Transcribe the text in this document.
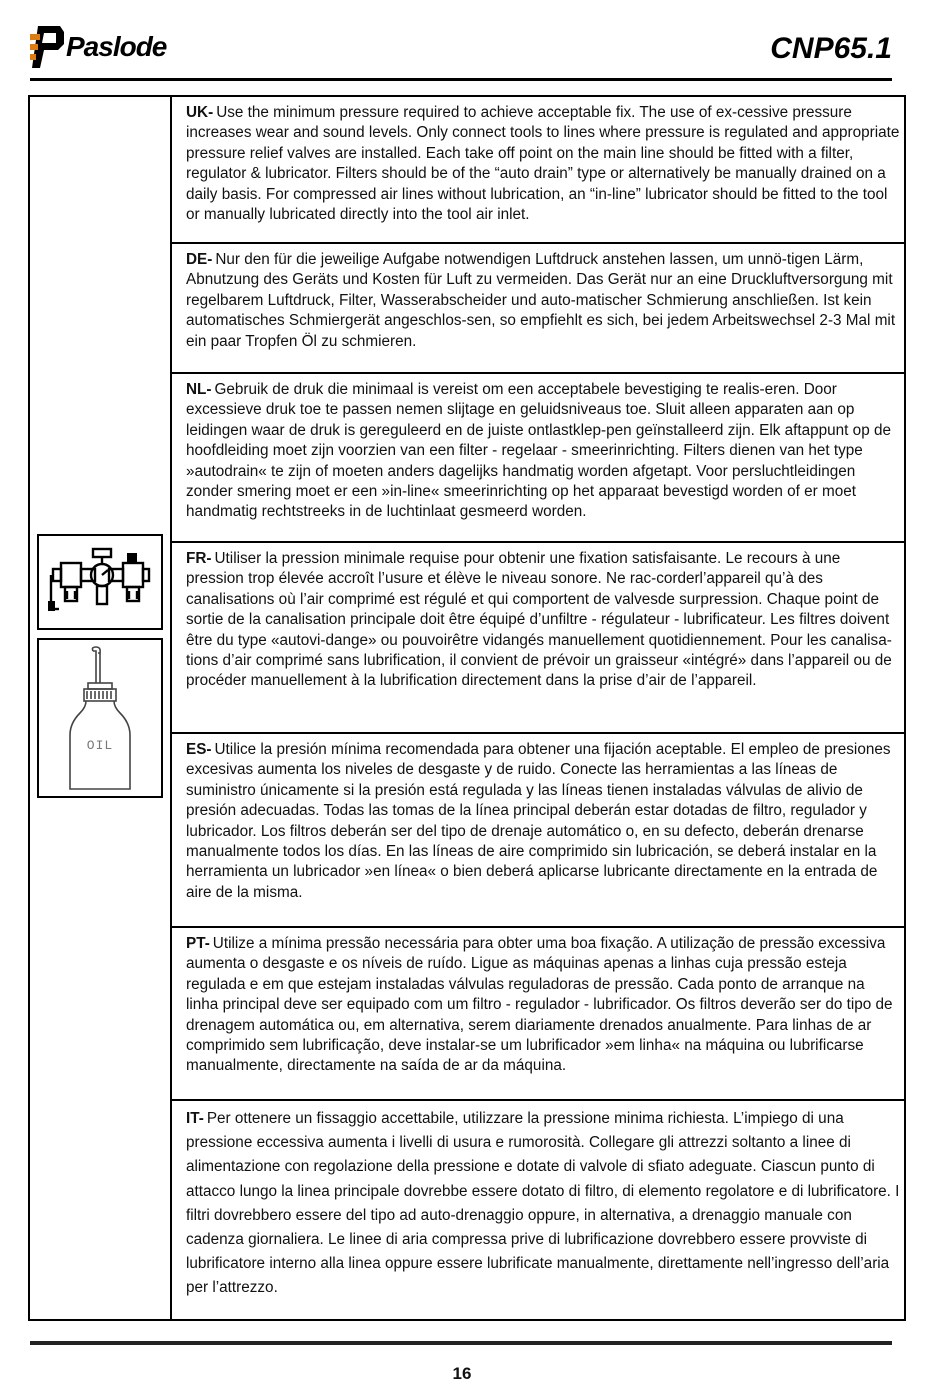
Paslode	CNP65.1
OIL
UK- Use the minimum pressure required to achieve acceptable fix. The use of ex-cessive pressure increases wear and sound levels. Only connect tools to lines where pressure is regulated and appropriate pressure relief valves are installed. Each take off point on the main line should be fitted with a filter, regulator & lubricator. Filters should be of the “auto drain” type or alternatively be manually drained on a daily basis. For compressed air lines without lubrication, an “in-line” lubricator should be fitted to the tool or manually lubricated directly into the tool air inlet.
DE- Nur den für die jeweilige Aufgabe notwendigen Luftdruck anstehen lassen, um unnö-tigen Lärm, Abnutzung des Geräts und Kosten für Luft zu vermeiden. Das Gerät nur an eine Druckluftversorgung mit regelbarem Luftdruck, Filter, Wasserabscheider und auto-matischer Schmierung anschließen. Ist kein automatisches Schmiergerät angeschlos-sen, so empfiehlt es sich, bei jedem Arbeitswechsel 2-3 Mal mit ein paar Tropfen Öl zu schmieren.
NL- Gebruik de druk die minimaal is vereist om een acceptabele bevestiging te realis-eren. Door excessieve druk toe te passen nemen slijtage en geluidsniveaus toe. Sluit alleen apparaten aan op leidingen waar de druk is gereguleerd en de juiste ontlastklep-pen geïnstalleerd zijn. Elk aftappunt op de hoofdleiding moet zijn voorzien van een filter - regelaar - smeerinrichting. Filters dienen van het type »autodrain« te zijn of moeten anders dagelijks handmatig worden afgetapt. Voor persluchtleidingen zonder smering moet er een »in-line« smeerinrichting op het apparaat bevestigd worden of er moet handmatig rechtstreeks in de luchtinlaat gesmeerd worden.
FR- Utiliser la pression minimale requise pour obtenir une fixation satisfaisante. Le recours à une pression trop élevée accroît l’usure et élève le niveau sonore. Ne rac-corderl’appareil qu’à des canalisations où l’air comprimé est régulé et qui comportent de valvesde surpression. Chaque point de sortie de la canalisation principale doit être équipé d’unfiltre - régulateur - lubrificateur. Les filtres doivent être du type «autovi-dange» ou pouvoirêtre vidangés manuellement quotidiennement. Pour les canalisa-tions d’air comprimé sans lubrification, il convient de prévoir un graisseur «intégré» dans l’appareil ou de procéder manuellement à la lubrification directement dans la prise d’air de l’appareil.
ES- Utilice la presión mínima recomendada para obtener una fijación aceptable. El empleo de presiones excesivas aumenta los niveles de desgaste y de ruido. Conecte las herramientas a las líneas de suministro únicamente si la presión está regulada y las líneas tienen instaladas válvulas de alivio de presión adecuadas. Todas las tomas de la línea principal deberán estar dotadas de filtro, regulador y lubricador. Los filtros deberán ser del tipo de drenaje automático o, en su defecto, deberán drenarse manualmente todos los días. En las líneas de aire comprimido sin lubricación, se deberá instalar en la herramienta un lubricador »en línea« o bien deberá aplicarse lubricante directamente en la entrada de aire de la misma.
PT- Utilize a mínima pressão necessária para obter uma boa fixação. A utilização de pressão excessiva aumenta o desgaste e os níveis de ruído. Ligue as máquinas apenas a linhas cuja pressão esteja regulada e em que estejam instaladas válvulas reguladoras de pressão. Cada ponto de arranque na linha principal deve ser equipado com um filtro - regulador - lubrificador. Os filtros deverão ser do tipo de drenagem automática ou, em alternativa, serem diariamente drenados anualmente. Para linhas de ar comprimido sem lubrificação, deve instalar-se um lubrificador »em linha« na máquina ou lubrificarse manualmente, directamente na saída de ar da máquina.
IT- Per ottenere un fissaggio accettabile, utilizzare la pressione minima richiesta. L’impiego di una pressione eccessiva aumenta i livelli di usura e rumorosità. Collegare gli attrezzi soltanto a linee di alimentazione con regolazione della pressione e dotate di valvole di sfiato adeguate. Ciascun punto di attacco lungo la linea principale dovrebbe essere dotato di filtro, di elemento regolatore e di lubrificatore. I filtri dovrebbero essere del tipo ad auto-drenaggio oppure, in alternativa, a drenaggio manuale con cadenza giornaliera. Le linee di aria compressa prive di lubrificazione dovrebbero essere provviste di lubrificatore interno alla linea oppure essere lubrificate manualmente, direttamente nell’ingresso dell’aria per l’attrezzo.
16
